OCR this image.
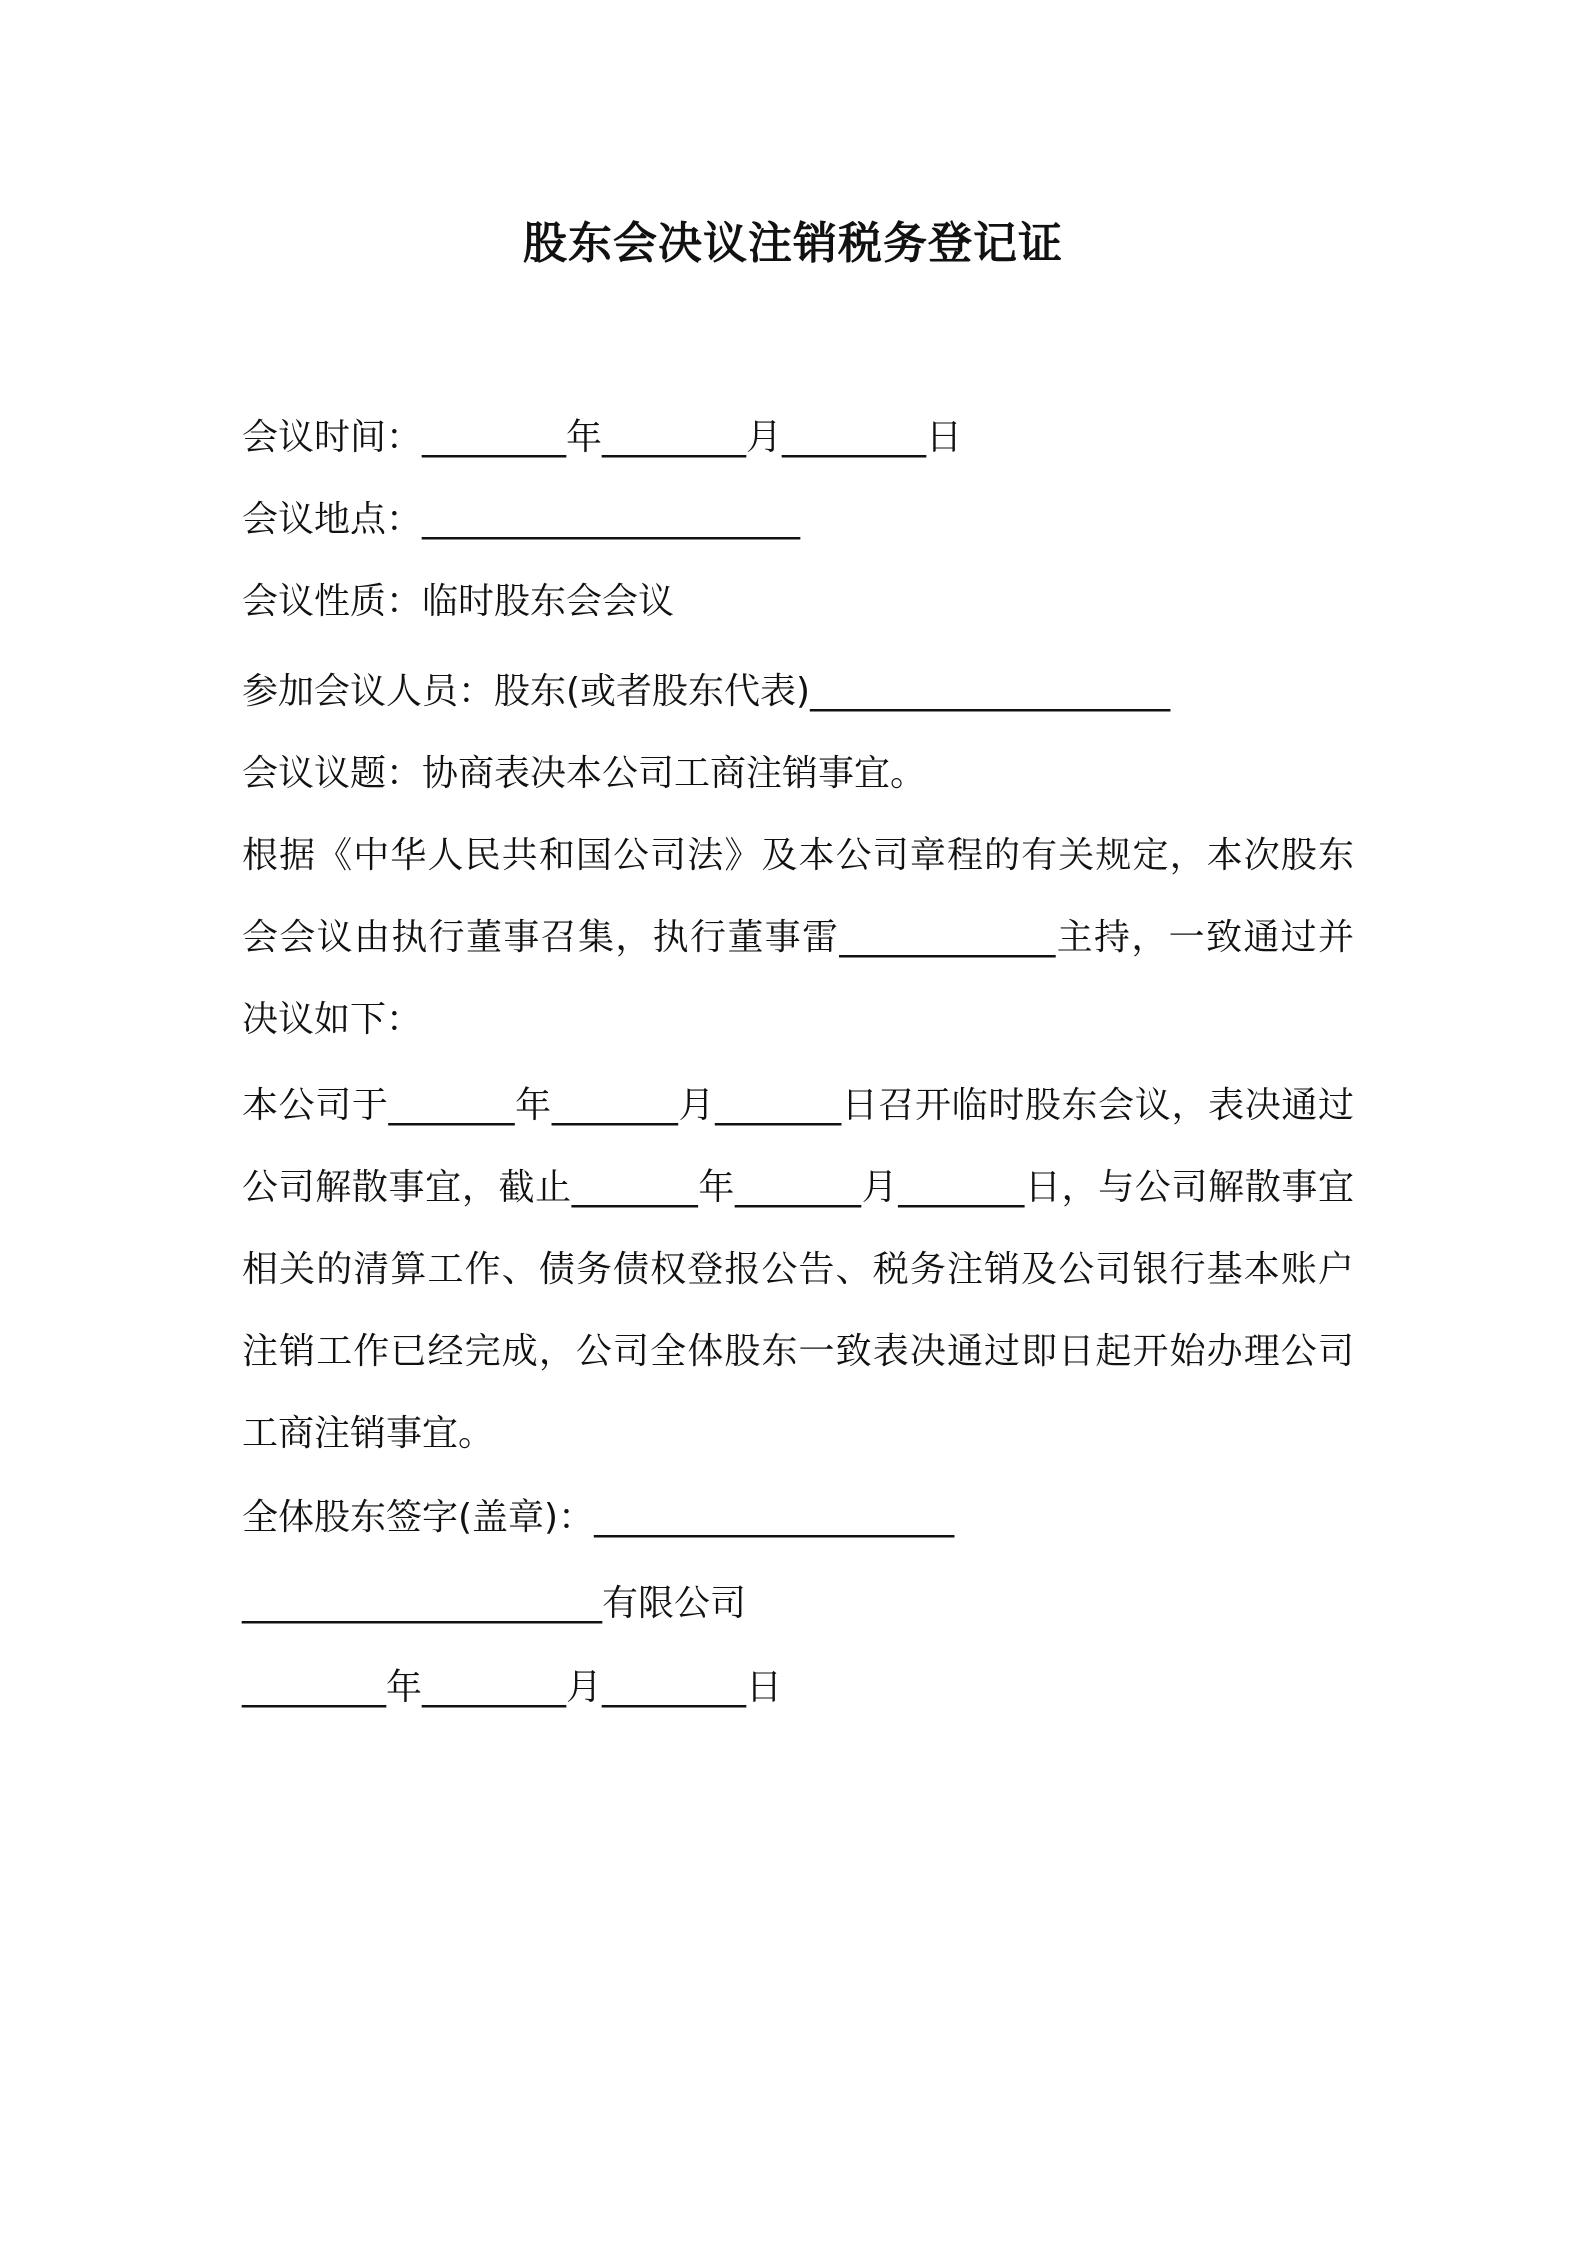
股东会决议注销税务登记证
会议时间：________年________月________日
会议地点：_____________________
会议性质：临时股东会会议
参加会议人员：股东(或者股东代表)____________________
会议议题：协商表决本公司工商注销事宜。
根据《中华人民共和国公司法》及本公司章程的有关规定，本次股东
会会议由执行董事召集，执行董事雷____________主持，一致通过并
决议如下：
本公司于_______年_______月_______日召开临时股东会议，表决通过
公司解散事宜，截止_______年_______月_______日，与公司解散事宜
相关的清算工作、债务债权登报公告、税务注销及公司银行基本账户
注销工作已经完成，公司全体股东一致表决通过即日起开始办理公司
工商注销事宜。
全体股东签字(盖章)：____________________
____________________有限公司
________年________月________日
